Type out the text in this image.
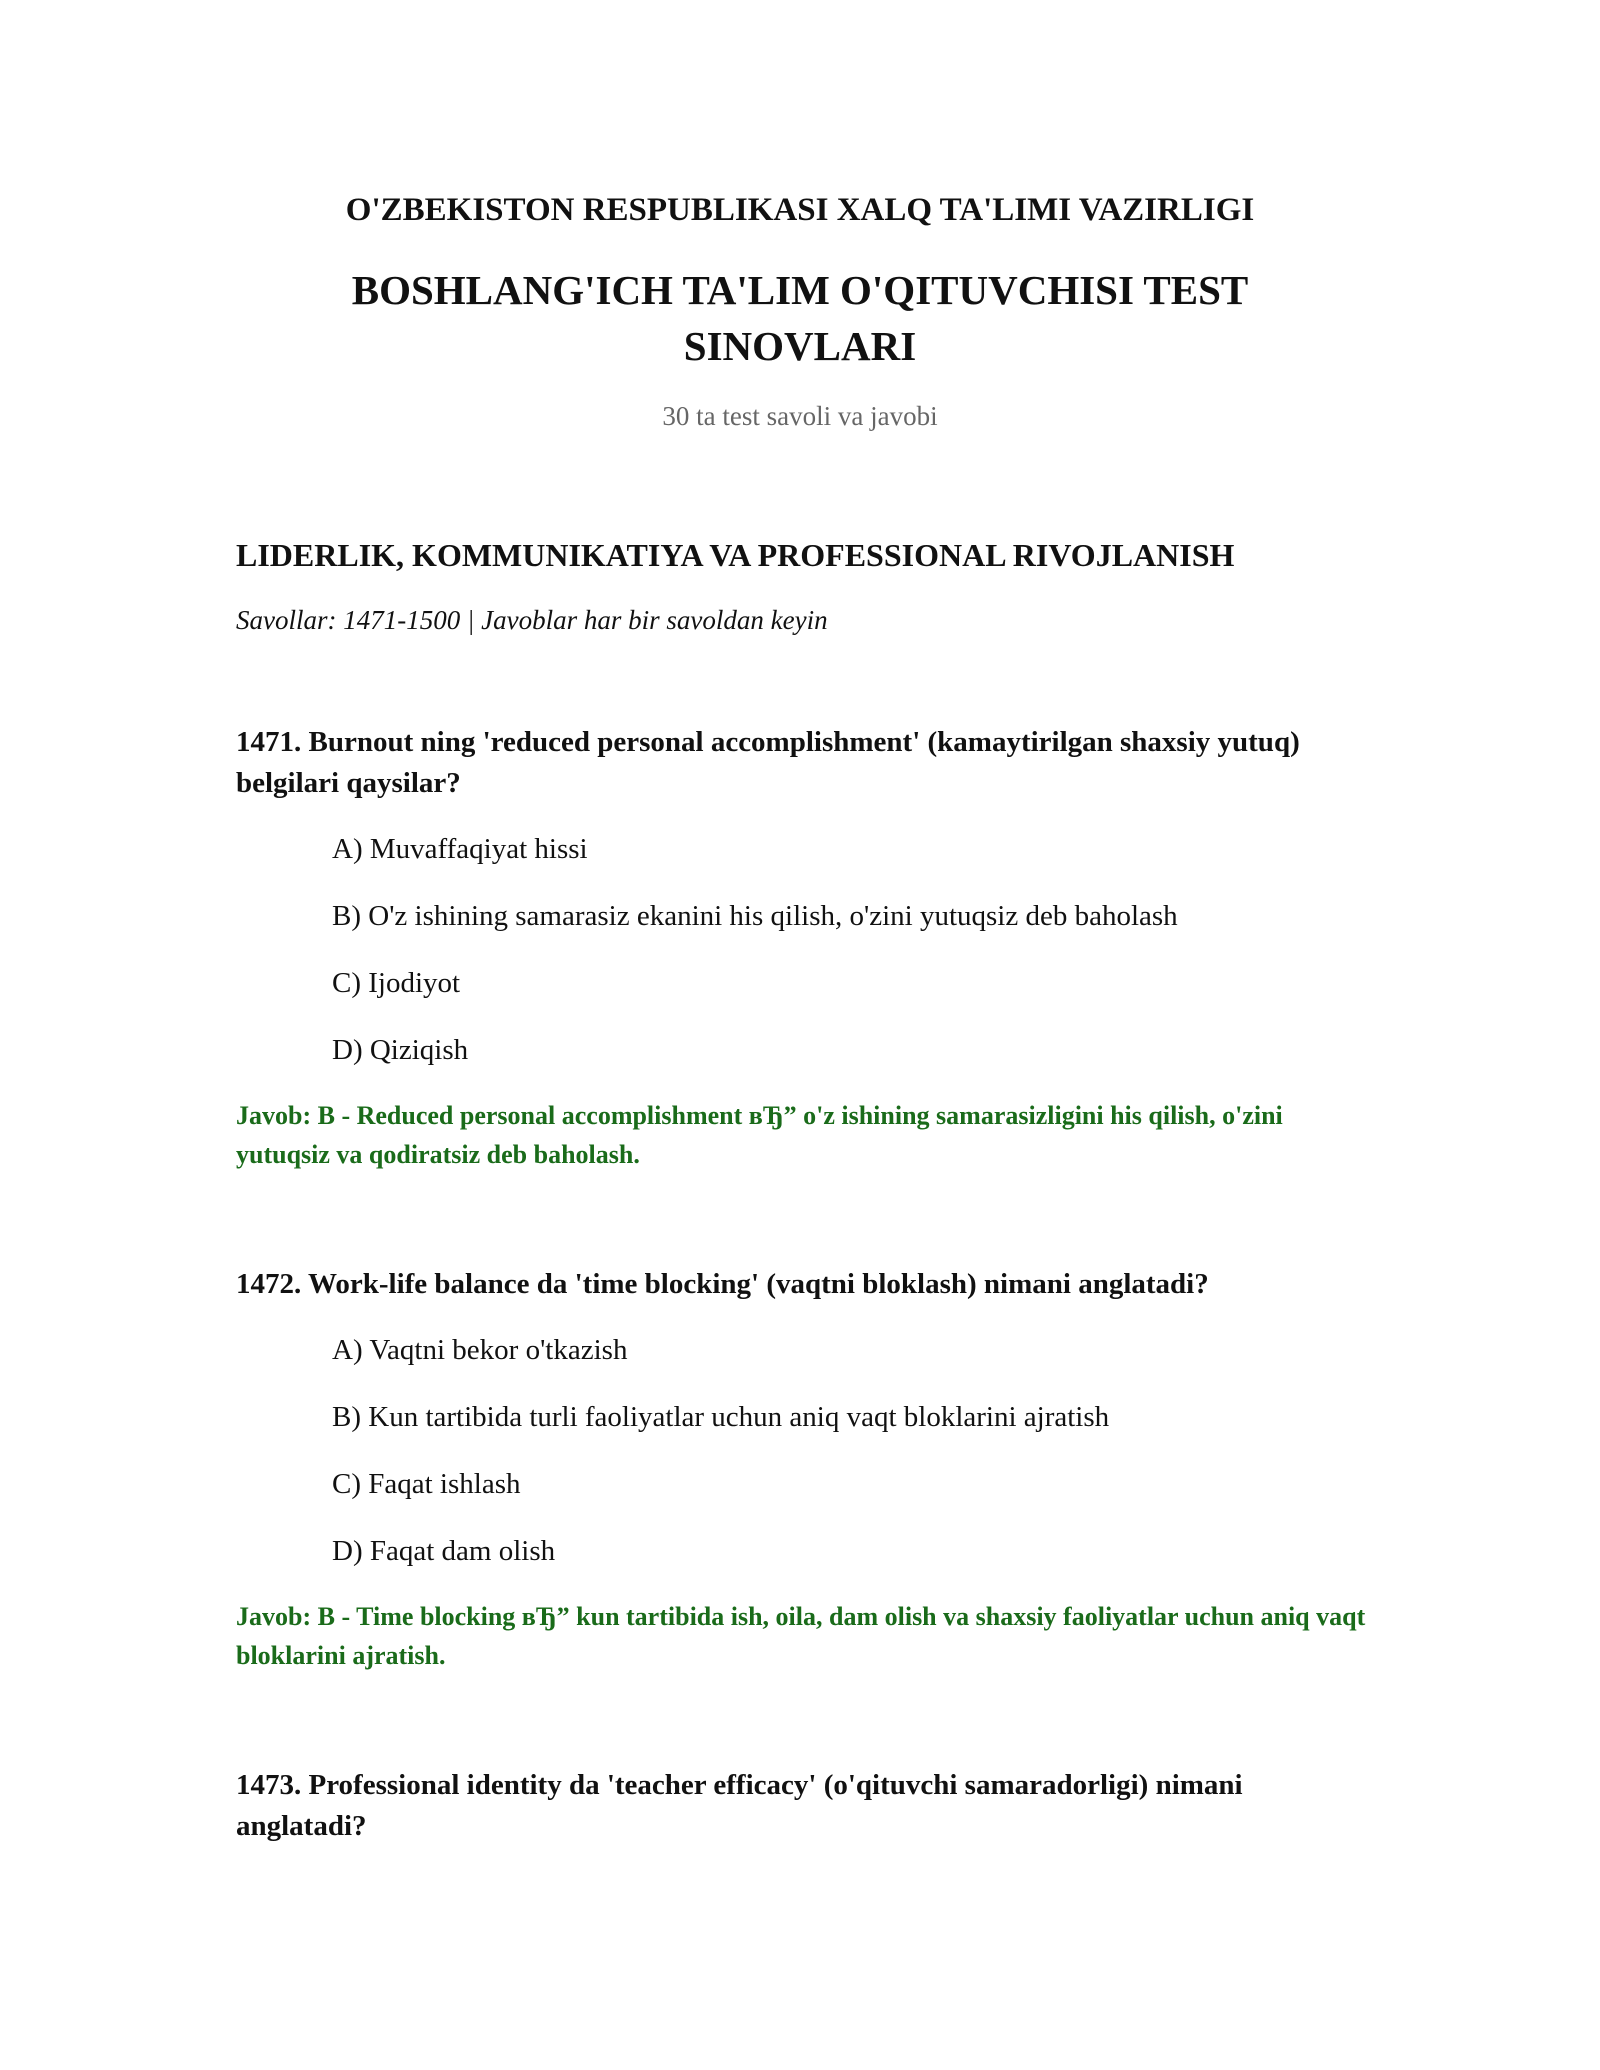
O'ZBEKISTON RESPUBLIKASI XALQ TA'LIMI VAZIRLIGI
BOSHLANG'ICH TA'LIM O'QITUVCHISI TEST
SINOVLARI
30 ta test savoli va javobi
LIDERLIK, KOMMUNIKATIYA VA PROFESSIONAL RIVOJLANISH
Savollar: 1471-1500 | Javoblar har bir savoldan keyin
1471. Burnout ning 'reduced personal accomplishment' (kamaytirilgan shaxsiy yutuq) belgilari qaysilar?
A) Muvaffaqiyat hissi
B) O'z ishining samarasiz ekanini his qilish, o'zini yutuqsiz deb baholash
C) Ijodiyot
D) Qiziqish
Javob: B - Reduced personal accomplishment вЂ” o'z ishining samarasizligini his qilish, o'zini yutuqsiz va qodiratsiz deb baholash.
1472. Work-life balance da 'time blocking' (vaqtni bloklash) nimani anglatadi?
A) Vaqtni bekor o'tkazish
B) Kun tartibida turli faoliyatlar uchun aniq vaqt bloklarini ajratish
C) Faqat ishlash
D) Faqat dam olish
Javob: B - Time blocking вЂ” kun tartibida ish, oila, dam olish va shaxsiy faoliyatlar uchun aniq vaqt bloklarini ajratish.
1473. Professional identity da 'teacher efficacy' (o'qituvchi samaradorligi) nimani anglatadi?
